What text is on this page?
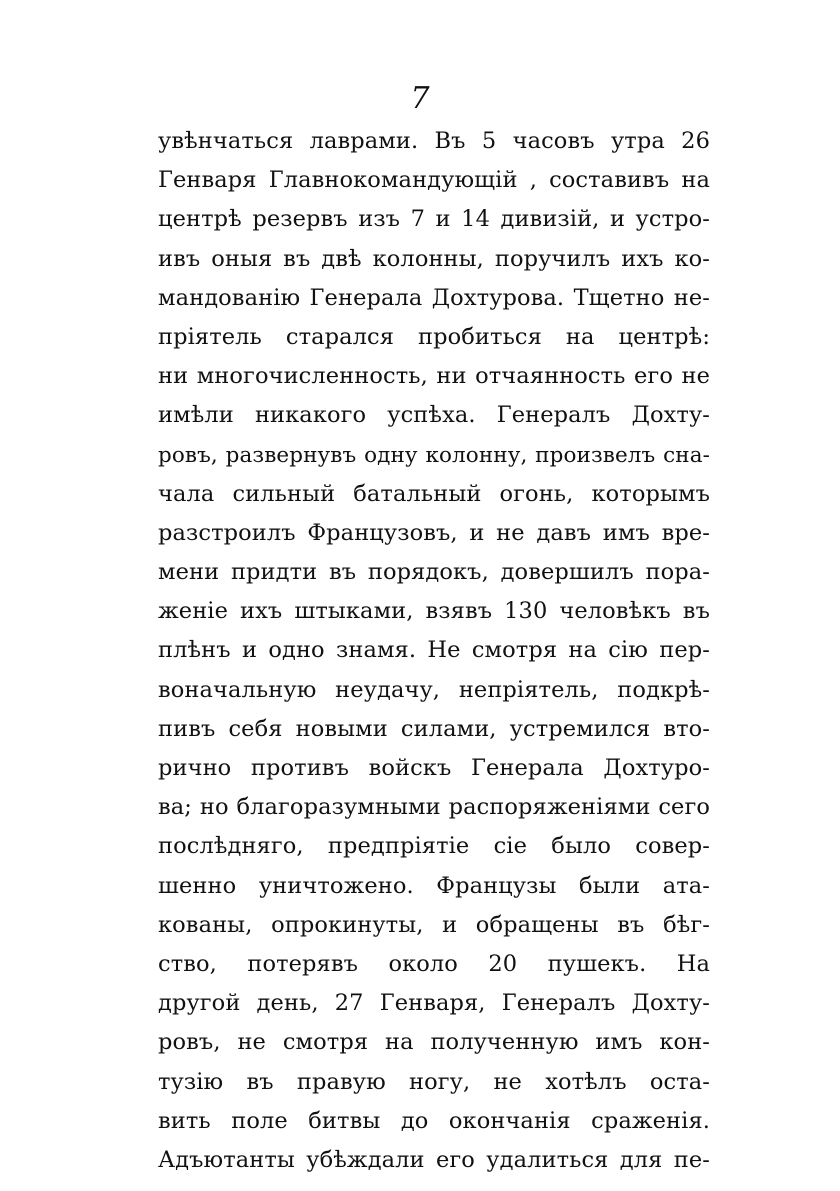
7
увѣнчаться лаврами. Въ 5 часовъ утра 26
Генваря Главнокомандующій , составивъ на
центрѣ резервъ изъ 7 и 14 дивизій, и устро-
ивъ оныя въ двѣ колонны, поручилъ ихъ ко-
мандованію Генерала Дохтурова. Тщетно не-
пріятель старался пробиться на центрѣ:
ни многочисленность, ни отчаянность его не
имѣли никакого успѣха. Генералъ Дохту-
ровъ, развернувъ одну колонну, произвелъ сна-
чала сильный батальный огонь, которымъ
разстроилъ Французовъ, и не давъ имъ вре-
мени придти въ порядокъ, довершилъ пора-
женіе ихъ штыками, взявъ 130 человѣкъ въ
плѣнъ и одно знамя. Не смотря на сію пер-
воначальную неудачу, непріятель, подкрѣ-
пивъ себя новыми силами, устремился вто-
рично противъ войскъ Генерала Дохтуро-
ва; но благоразумными распоряженіями сего
послѣдняго, предпріятіе сіе было совер-
шенно уничтожено. Французы были ата-
кованы, опрокинуты, и обращены въ бѣг-
ство, потерявъ около 20 пушекъ. На
другой день, 27 Генваря, Генералъ Дохту-
ровъ, не смотря на полученную имъ кон-
тузію въ правую ногу, не хотѣлъ оста-
вить поле битвы до окончанія сраженія.
Адъютанты убѣждали его удалиться для пе-
